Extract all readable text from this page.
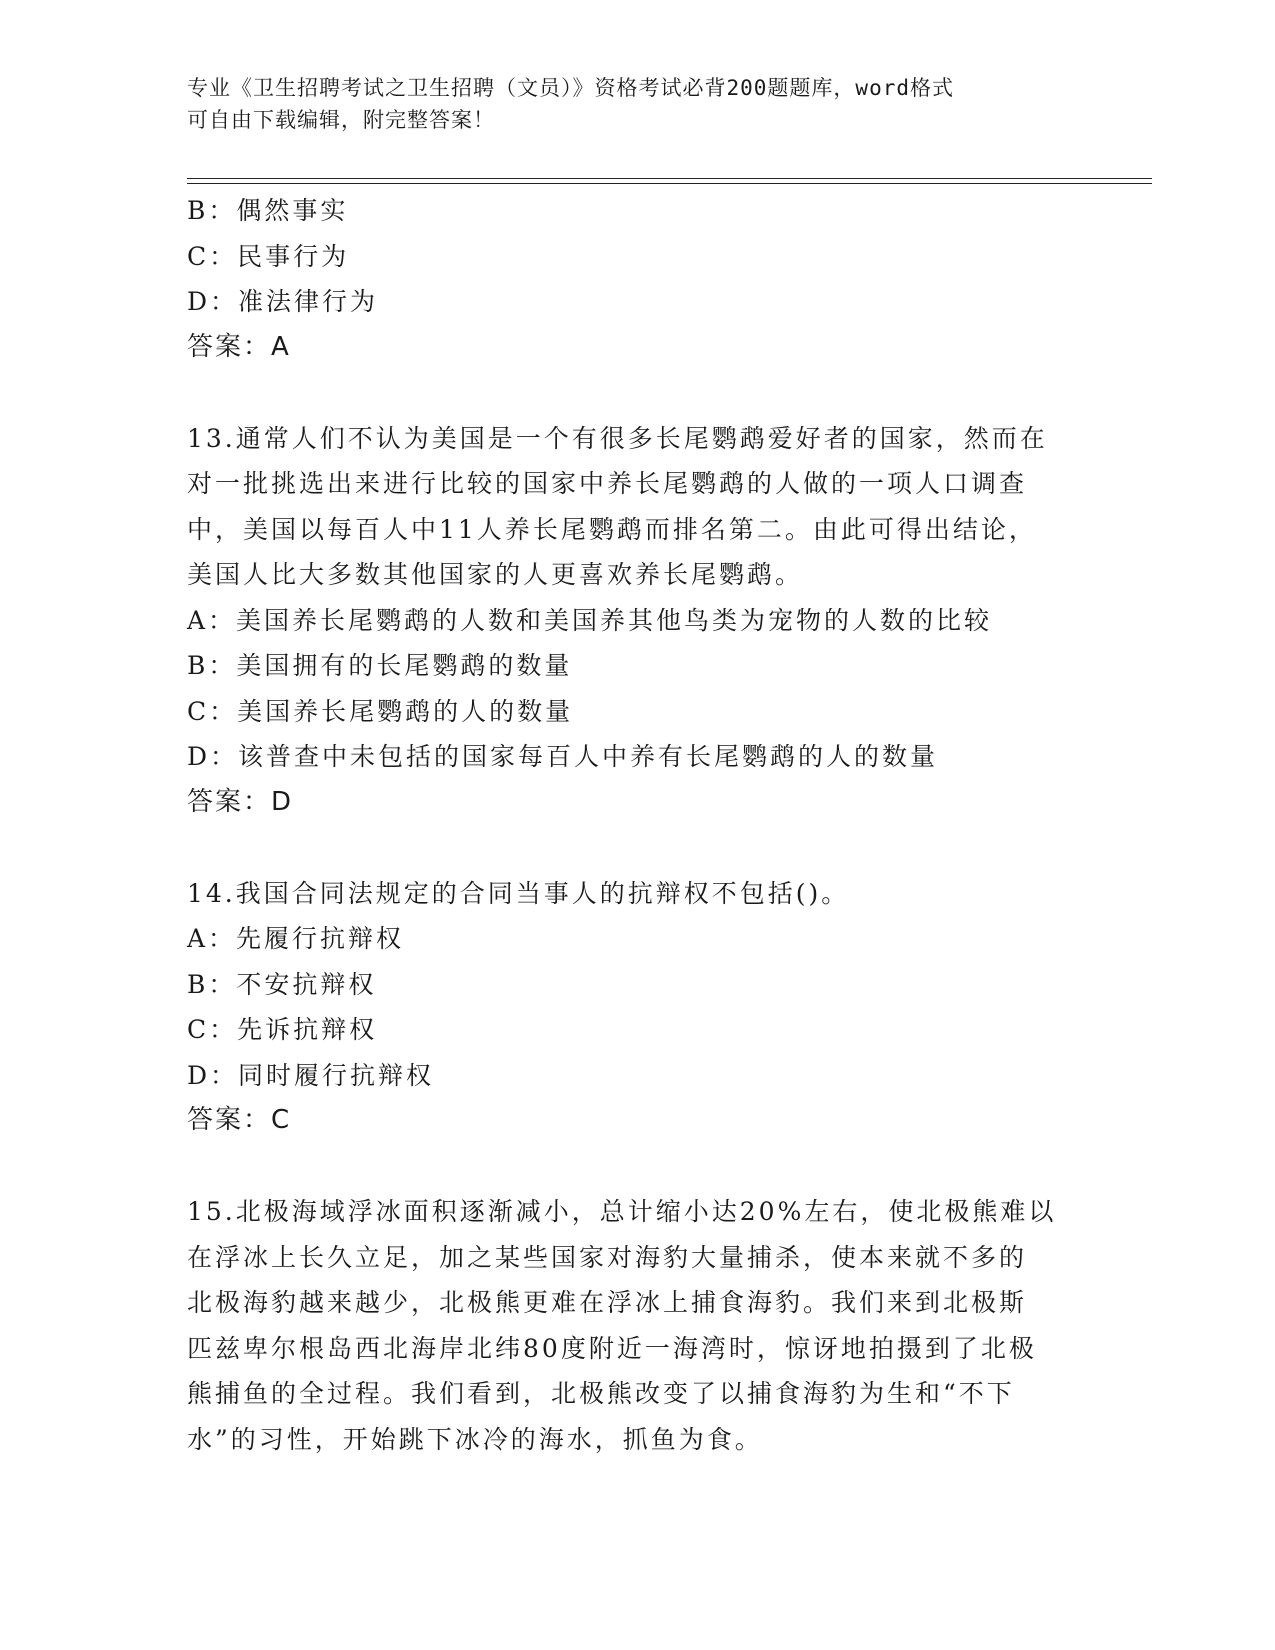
专业《卫生招聘考试之卫生招聘（文员）》资格考试必背200题题库，word格式
可自由下载编辑，附完整答案！
B：偶然事实
C：民事行为
D：准法律行为
答案：A
13.通常人们不认为美国是一个有很多长尾鹦鹉爱好者的国家，然而在
对一批挑选出来进行比较的国家中养长尾鹦鹉的人做的一项人口调查
中，美国以每百人中11人养长尾鹦鹉而排名第二。由此可得出结论，
美国人比大多数其他国家的人更喜欢养长尾鹦鹉。
A：美国养长尾鹦鹉的人数和美国养其他鸟类为宠物的人数的比较
B：美国拥有的长尾鹦鹉的数量
C：美国养长尾鹦鹉的人的数量
D：该普查中未包括的国家每百人中养有长尾鹦鹉的人的数量
答案：D
14.我国合同法规定的合同当事人的抗辩权不包括()。
A：先履行抗辩权
B：不安抗辩权
C：先诉抗辩权
D：同时履行抗辩权
答案：C
15.北极海域浮冰面积逐渐减小，总计缩小达20%左右，使北极熊难以
在浮冰上长久立足，加之某些国家对海豹大量捕杀，使本来就不多的
北极海豹越来越少，北极熊更难在浮冰上捕食海豹。我们来到北极斯
匹兹卑尔根岛西北海岸北纬80度附近一海湾时，惊讶地拍摄到了北极
熊捕鱼的全过程。我们看到，北极熊改变了以捕食海豹为生和“不下
水”的习性，开始跳下冰冷的海水，抓鱼为食。
